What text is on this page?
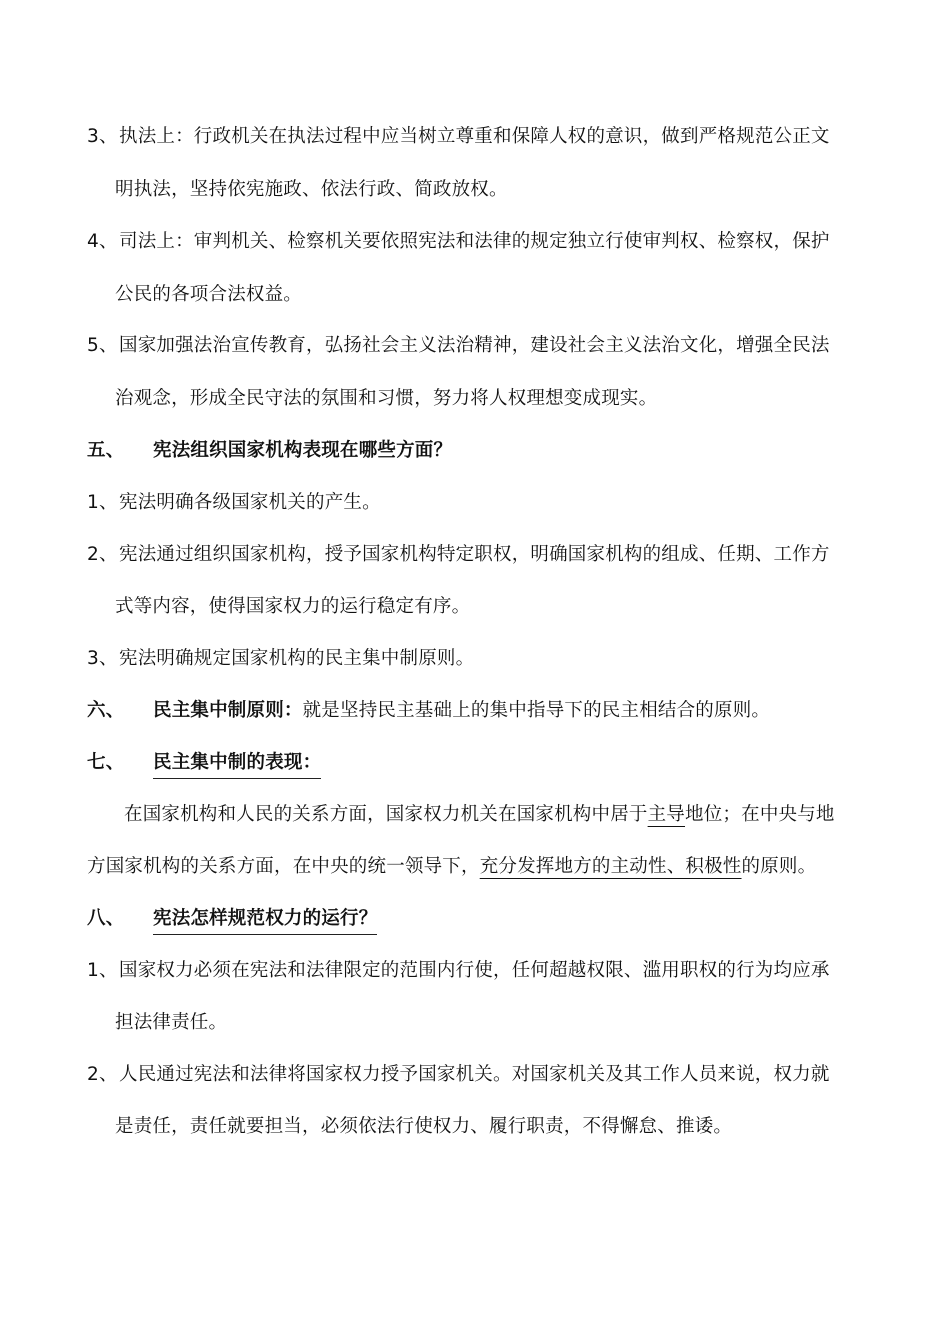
3、执法上：行政机关在执法过程中应当树立尊重和保障人权的意识，做到严格规范公正文
明执法，坚持依宪施政、依法行政、简政放权。
4、司法上：审判机关、检察机关要依照宪法和法律的规定独立行使审判权、检察权，保护
公民的各项合法权益。
5、国家加强法治宣传教育，弘扬社会主义法治精神，建设社会主义法治文化，增强全民法
治观念，形成全民守法的氛围和习惯，努力将人权理想变成现实。
五、 宪法组织国家机构表现在哪些方面？
1、宪法明确各级国家机关的产生。
2、宪法通过组织国家机构，授予国家机构特定职权，明确国家机构的组成、任期、工作方
式等内容，使得国家权力的运行稳定有序。
3、宪法明确规定国家机构的民主集中制原则。
六、 民主集中制原则：就是坚持民主基础上的集中指导下的民主相结合的原则。
七、 民主集中制的表现：
在国家机构和人民的关系方面，国家权力机关在国家机构中居于主导地位；在中央与地
方国家机构的关系方面，在中央的统一领导下，充分发挥地方的主动性、积极性的原则。
八、 宪法怎样规范权力的运行？
1、国家权力必须在宪法和法律限定的范围内行使，任何超越权限、滥用职权的行为均应承
担法律责任。
2、人民通过宪法和法律将国家权力授予国家机关。对国家机关及其工作人员来说，权力就
是责任，责任就要担当，必须依法行使权力、履行职责，不得懈怠、推诿。
